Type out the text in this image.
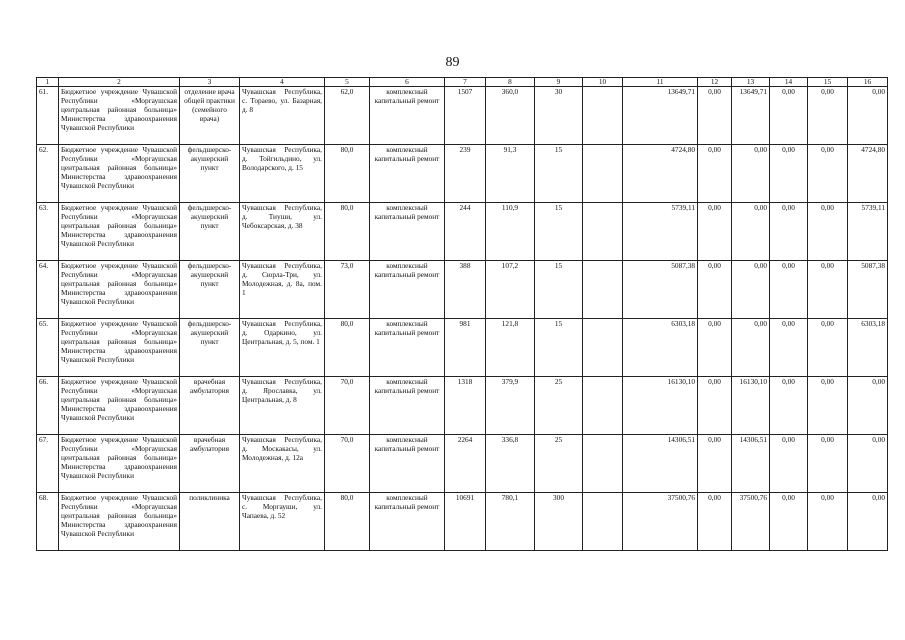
89
1	2	3	4	5	6	7	8	9	10	11	12	13	14	15	16
61.	Бюджетное учреждение Чувашской Республики «Моргаушская центральная районная больница» Министерства здравоохранения Чувашской Республики	отделение врача общей практики (семейного врача)	Чувашская Республика, с. Тораево, ул. Базарная, д. 8	62,0	комплексный капитальный ремонт	1507	360,0	30		13649,71	0,00	13649,71	0,00	0,00	0,00
62.	Бюджетное учреждение Чувашской Республики «Моргаушская центральная районная больница» Министерства здравоохранения Чувашской Республики	фельдшерско-акушерский пункт	Чувашская Республика, д. Тойгильдино, ул. Володарского, д. 15	80,0	комплексный капитальный ремонт	239	91,3	15		4724,80	0,00	0,00	0,00	0,00	4724,80
63.	Бюджетное учреждение Чувашской Республики «Моргаушская центральная районная больница» Министерства здравоохранения Чувашской Республики	фельдшерско-акушерский пункт	Чувашская Республика, д. Тиуши, ул. Чебоксарская, д. 38	80,0	комплексный капитальный ремонт	244	110,9	15		5739,11	0,00	0,00	0,00	0,00	5739,11
64.	Бюджетное учреждение Чувашской Республики «Моргаушская центральная районная больница» Министерства здравоохранения Чувашской Республики	фельдшерско-акушерский пункт	Чувашская Республика, д. Сюрла-Три, ул. Молодежная, д. 8а, пом. 1	73,0	комплексный капитальный ремонт	388	107,2	15		5087,38	0,00	0,00	0,00	0,00	5087,38
65.	Бюджетное учреждение Чувашской Республики «Моргаушская центральная районная больница» Министерства здравоохранения Чувашской Республики	фельдшерско-акушерский пункт	Чувашская Республика, д. Одаркино, ул. Центральная, д. 5, пом. 1	80,0	комплексный капитальный ремонт	981	121,8	15		6303,18	0,00	0,00	0,00	0,00	6303,18
66.	Бюджетное учреждение Чувашской Республики «Моргаушская центральная районная больница» Министерства здравоохранения Чувашской Республики	врачебная амбулатория	Чувашская Республика, д. Ярославка, ул. Центральная, д. 8	70,0	комплексный капитальный ремонт	1318	379,9	25		16130,10	0,00	16130,10	0,00	0,00	0,00
67.	Бюджетное учреждение Чувашской Республики «Моргаушская центральная районная больница» Министерства здравоохранения Чувашской Республики	врачебная амбулатория	Чувашская Республика, д. Москакасы, ул. Молодежная, д. 12а	70,0	комплексный капитальный ремонт	2264	336,8	25		14306,51	0,00	14306,51	0,00	0,00	0,00
68.	Бюджетное учреждение Чувашской Республики «Моргаушская центральная районная больница» Министерства здравоохранения Чувашской Республики	поликлиника	Чувашская Республика, с. Моргауши, ул. Чапаева, д. 52	80,0	комплексный капитальный ремонт	10691	780,1	300		37500,76	0,00	37500,76	0,00	0,00	0,00
